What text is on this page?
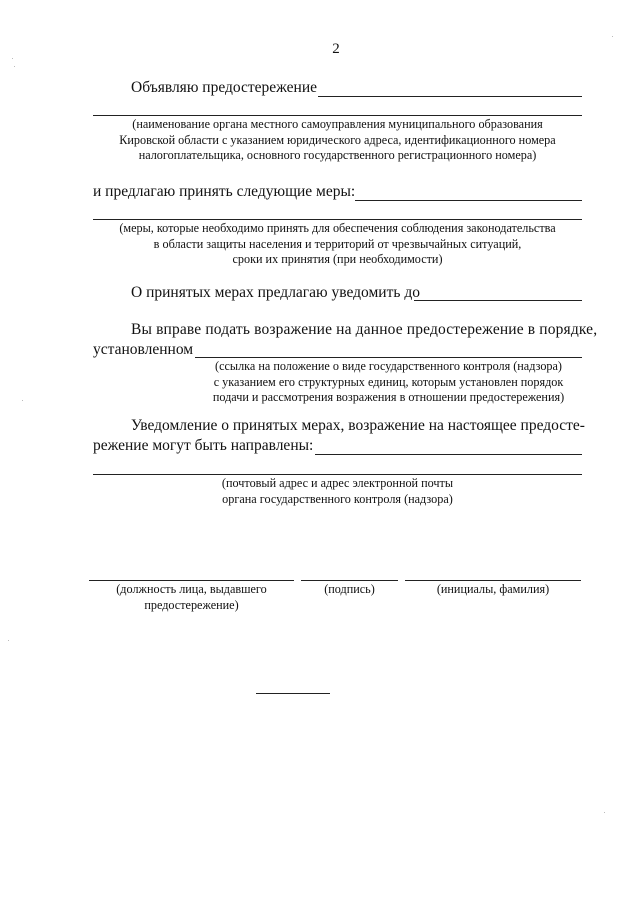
2
Объявляю предостережение
(наименование органа местного самоуправления муниципального образования
Кировской области с указанием юридического адреса, идентификационного номера
налогоплательщика, основного государственного регистрационного номера)
и предлагаю принять следующие меры:
(меры, которые необходимо принять для обеспечения соблюдения законодательства
в области защиты населения и территорий от чрезвычайных ситуаций,
сроки их принятия (при необходимости)
О принятых мерах предлагаю уведомить до
Вы вправе подать возражение на данное предостережение в порядке,
установленном
(ссылка на положение о виде государственного контроля (надзора)
с указанием его структурных единиц, которым установлен порядок
подачи и рассмотрения возражения в отношении предостережения)
Уведомление о принятых мерах, возражение на настоящее предосте-
режение могут быть направлены:
(почтовый адрес и адрес электронной почты
органа государственного контроля (надзора)
(должность лица, выдавшего
предостережение)
(подпись)	(инициалы, фамилия)
